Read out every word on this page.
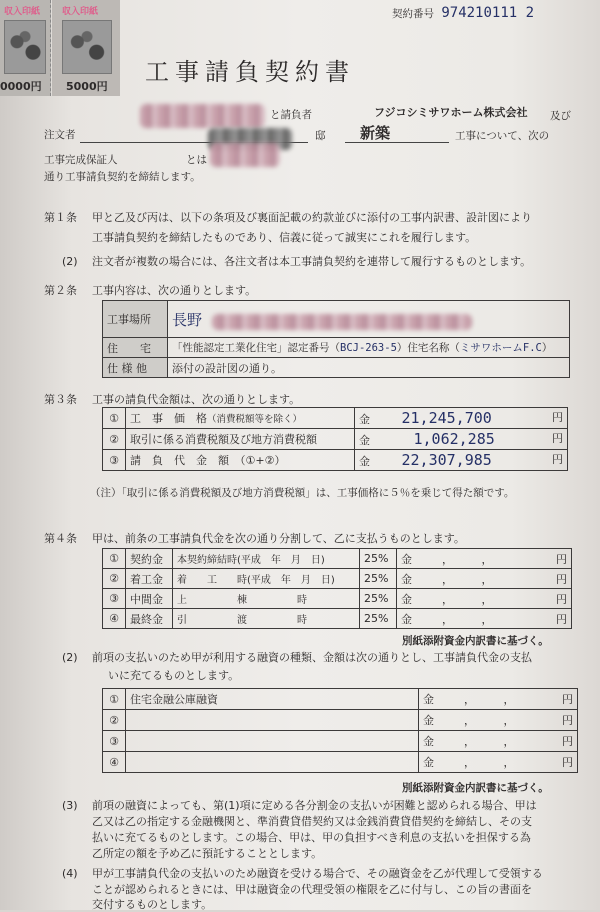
収入印紙
0000円
収入印紙
5000円
契約番号 974210111 2
工事請負契約書
と請負者	フジコシミサワホーム株式会社 及び
注文者	邸 新築	工事について、次の
工事完成保証人	とは
通り工事請負契約を締結します。
第１条 甲と乙及び丙は、以下の条項及び裏面記載の約款並びに添付の工事内訳書、設計図により
工事請負契約を締結したものであり、信義に従って誠実にこれを履行します。
(2) 注文者が複数の場合には、各注文者は本工事請負契約を連帯して履行するものとします。
第２条 工事内容は、次の通りとします。
工事場所	長野
住　　宅	「性能認定工業化住宅」認定番号（BCJ-263-5）住宅名称（ミサワホームF.C）
仕 様 他	添付の設計図の通り。
第３条 工事の請負代金額は、次の通りとします。
①	工　事　価　格（消費税額等を除く）	金 21,245,700 円

②	取引に係る消費税額及び地方消費税額	金 1,062,285 円

③	請　負　代　金　額　（①+②）	金 22,307,985 円
（注）「取引に係る消費税額及び地方消費税額」は、工事価格に５％を乗じて得た額です。
第４条 甲は、前条の工事請負代金を次の通り分割して、乙に支払うものとします。
①	契約金	本契約締結時(平成　年　月　日)	25%	金 ， ， 円

②	着工金	着　　工　　時(平成　年　月　日)	25%	金 ， ， 円

③	中間金	上　　　　　棟　　　　　時	25%	金 ， ， 円

④	最終金	引　　　　　渡　　　　　時	25%	金 ， ， 円
別紙添附資金内訳書に基づく。
(2) 前項の支払いのため甲が利用する融資の種類、金額は次の通りとし、工事請負代金の支払
いに充てるものとします。
①	住宅金融公庫融資	金 ， ， 円

②		金 ， ， 円

③		金 ， ， 円

④		金 ， ， 円
別紙添附資金内訳書に基づく。
(3) 前項の融資によっても、第(1)項に定める各分割金の支払いが困難と認められる場合、甲は
乙又は乙の指定する金融機関と、準消費貸借契約又は金銭消費貸借契約を締結し、その支
払いに充てるものとします。この場合、甲は、甲の負担すべき利息の支払いを担保する為
乙所定の額を予め乙に預託することとします。
(4) 甲が工事請負代金の支払いのため融資を受ける場合で、その融資金を乙が代理して受領する
ことが認められるときには、甲は融資金の代理受領の権限を乙に付与し、この旨の書面を
交付するものとします。
